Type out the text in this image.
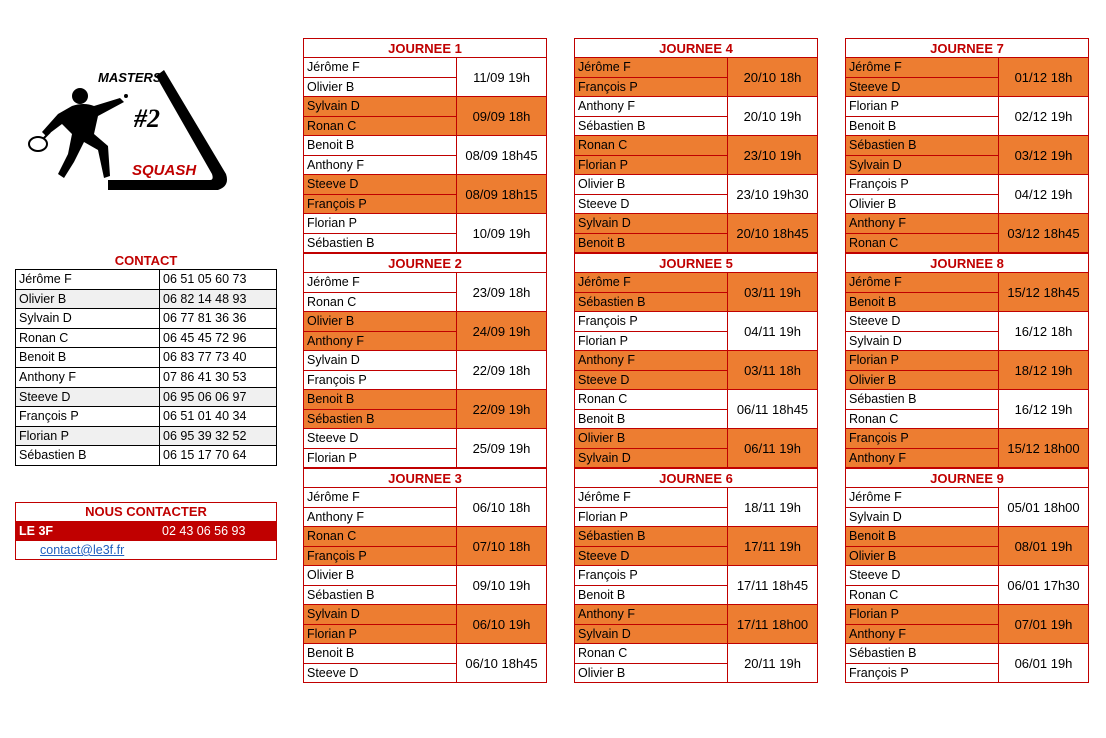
MASTERS
#2
SQUASH
CONTACT
Jérôme F	06 51 05 60 73
Olivier B	06 82 14 48 93
Sylvain D	06 77 81 36 36
Ronan C	06 45 45 72 96
Benoit B	06 83 77 73 40
Anthony F	07 86 41 30 53
Steeve D	06 95 06 06 97
François P	06 51 01 40 34
Florian P	06 95 39 32 52
Sébastien B	06 15 17 70 64
NOUS CONTACTER
LE 3F	02 43 06 56 93
contact@le3f.fr
JOURNEE 1
Jérôme F
Olivier B
11/09 19h
Sylvain D
Ronan C
09/09 18h
Benoit B
Anthony F
08/09 18h45
Steeve D
François P
08/09 18h15
Florian P
Sébastien B
10/09 19h
JOURNEE 2
Jérôme F
Ronan C
23/09 18h
Olivier B
Anthony F
24/09 19h
Sylvain D
François P
22/09 18h
Benoit B
Sébastien B
22/09 19h
Steeve D
Florian P
25/09 19h
JOURNEE 3
Jérôme F
Anthony F
06/10 18h
Ronan C
François P
07/10 18h
Olivier B
Sébastien B
09/10 19h
Sylvain D
Florian P
06/10 19h
Benoit B
Steeve D
06/10 18h45
JOURNEE 4
Jérôme F
François P
20/10 18h
Anthony F
Sébastien B
20/10 19h
Ronan C
Florian P
23/10 19h
Olivier B
Steeve D
23/10 19h30
Sylvain D
Benoit B
20/10 18h45
JOURNEE 5
Jérôme F
Sébastien B
03/11 19h
François P
Florian P
04/11 19h
Anthony F
Steeve D
03/11 18h
Ronan C
Benoit B
06/11 18h45
Olivier B
Sylvain D
06/11 19h
JOURNEE 6
Jérôme F
Florian P
18/11 19h
Sébastien B
Steeve D
17/11 19h
François P
Benoit B
17/11 18h45
Anthony F
Sylvain D
17/11 18h00
Ronan C
Olivier B
20/11 19h
JOURNEE 7
Jérôme F
Steeve D
01/12 18h
Florian P
Benoit B
02/12 19h
Sébastien B
Sylvain D
03/12 19h
François P
Olivier B
04/12 19h
Anthony F
Ronan C
03/12 18h45
JOURNEE 8
Jérôme F
Benoit B
15/12 18h45
Steeve D
Sylvain D
16/12 18h
Florian P
Olivier B
18/12 19h
Sébastien B
Ronan C
16/12 19h
François P
Anthony F
15/12 18h00
JOURNEE 9
Jérôme F
Sylvain D
05/01 18h00
Benoit B
Olivier B
08/01 19h
Steeve D
Ronan C
06/01 17h30
Florian P
Anthony F
07/01 19h
Sébastien B
François P
06/01 19h
